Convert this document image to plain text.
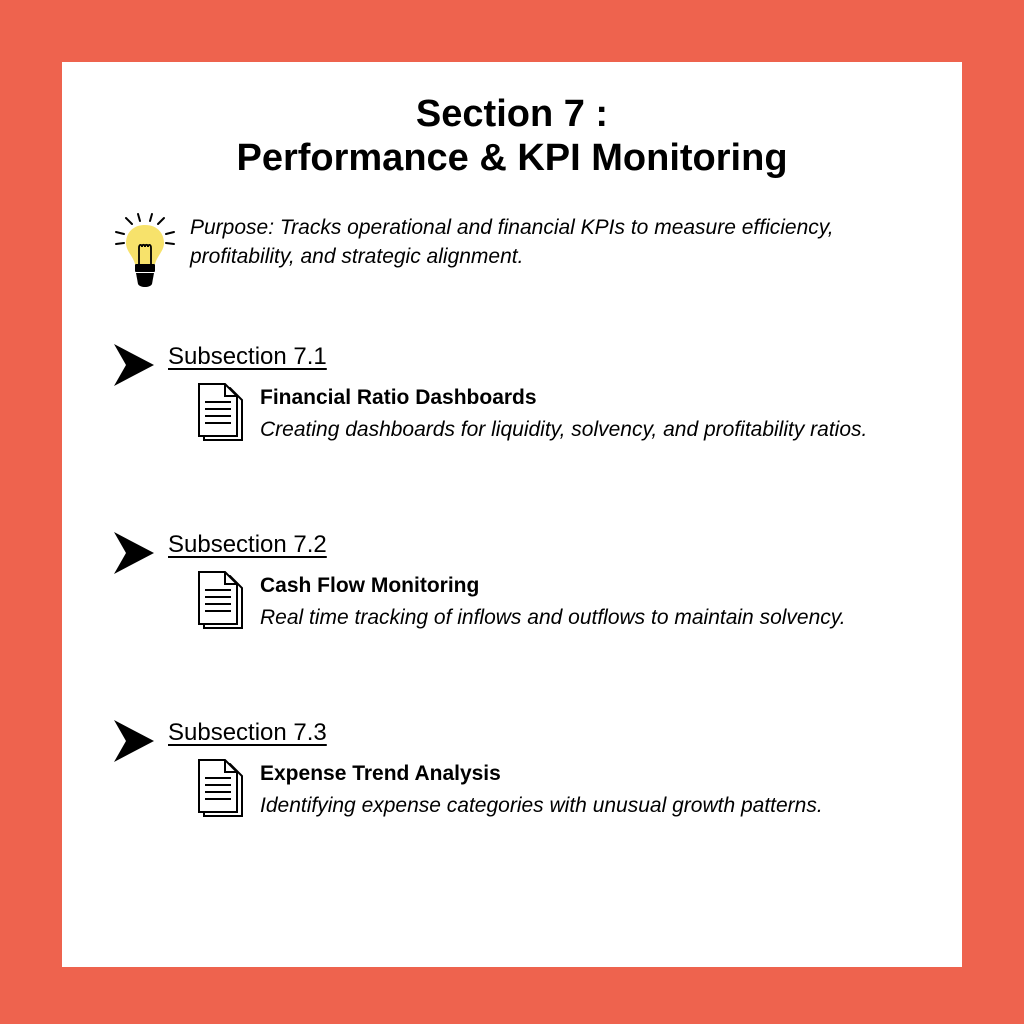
Section 7 :
Performance & KPI Monitoring
Purpose: Tracks operational and financial KPIs to measure efficiency, profitability, and strategic alignment.
Subsection 7.1
Financial Ratio Dashboards
Creating dashboards for liquidity, solvency, and profitability ratios.
Subsection 7.2
Cash Flow Monitoring
Real time tracking of inflows and outflows to maintain solvency.
Subsection 7.3
Expense Trend Analysis
Identifying expense categories with unusual growth patterns.
